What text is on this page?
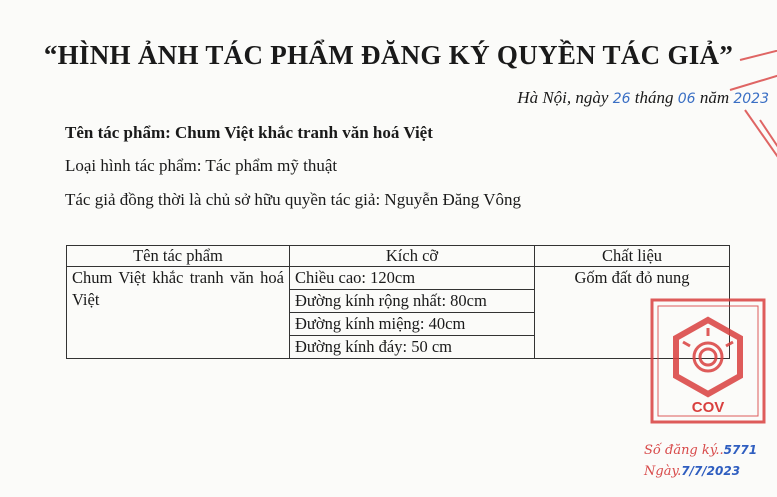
“HÌNH ẢNH TÁC PHẨM ĐĂNG KÝ QUYỀN TÁC GIẢ”
Hà Nội, ngày 26 tháng 06 năm 2023
Tên tác phẩm: Chum Việt khắc tranh văn hoá Việt
Loại hình tác phẩm: Tác phẩm mỹ thuật
Tác giả đồng thời là chủ sở hữu quyền tác giả: Nguyễn Đăng Vông
Tên tác phẩm	Kích cỡ	Chất liệu
Chum Việt khắc tranh văn hoá Việt	Chiều cao: 120cm	Gốm đất đỏ nung
	Đường kính rộng nhất: 80cm	
	Đường kính miệng: 40cm	
	Đường kính đáy: 50 cm	
COV
Số đăng ký..5771
Ngày.7/7/2023
